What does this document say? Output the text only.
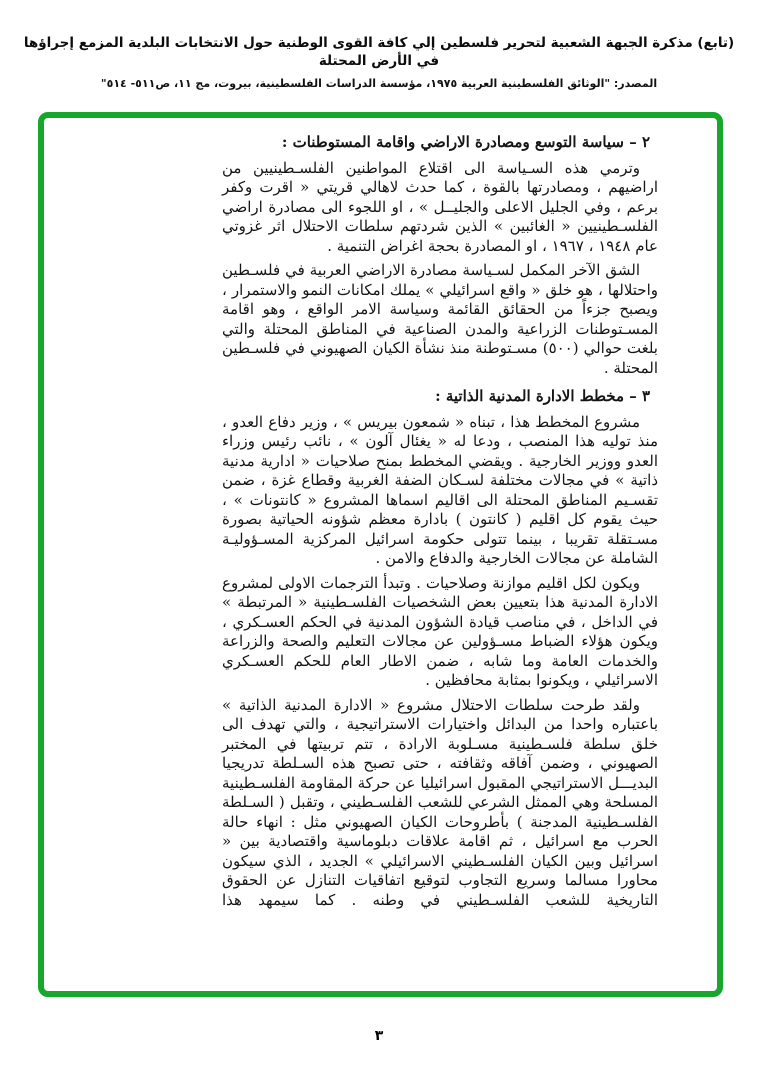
(تابع) مذكرة الجبهة الشعبية لتحرير فلسطين إلي كافة القوى الوطنية حول الانتخابات البلدية المزمع إجراؤها في الأرض المحتلة
المصدر: "الوثائق الفلسطينية العربية ١٩٧٥، مؤسسة الدراسات الفلسطينية، بيروت، مج ١١، ص٥١١- ٥١٤"

٢ – سياسة التوسع ومصادرة الاراضي واقامة المستوطنات :

وترمي هذه السـياسة الى اقتلاع المواطنين الفلسـطينيين من اراضيهم ، ومصادرتها بالقوة ، كما حدث لاهالي قريتي « اقرت وكفر برعم ، وفي الجليل الاعلى والجليــل » ، او اللجوء الى مصادرة اراضي الفلسـطينيين « الغائبين » الذين شردتهم سلطات الاحتلال اثر غزوتي عام ١٩٤٨ ، ١٩٦٧ ، او المصادرة بحجة اغراض التنمية .

الشق الآخر المكمل لسـياسة مصادرة الاراضي العربية في فلسـطين واحتلالها ، هو خلق « واقع اسرائيلي » يملك امكانات النمو والاستمرار ، ويصبح جزءاً من الحقائق القائمة وسياسة الامر الواقع ، وهو اقامة المسـتوطنات الزراعية والمدن الصناعية في المناطق المحتلة والتي بلغت حوالي (٥٠٠) مسـتوطنة منذ نشأة الكيان الصهيوني في فلسـطين المحتلة .

٣ – مخطط الادارة المدنية الذاتية :

مشروع المخطط هذا ، تبناه « شمعون بيريس » ، وزير دفاع العدو ، منذ توليه هذا المنصب ، ودعا له « يغئال آلون » ، نائب رئيس وزراء العدو ووزير الخارجية . ويقضي المخطط بمنح صلاحيات « ادارية مدنية ذاتية » في مجالات مختلفة لسـكان الضفة الغربية وقطاع غزة ، ضمن تقسـيم المناطق المحتلة الى اقاليم اسماها المشروع « كانتونات » ، حيث يقوم كل اقليم ( كانتون ) بادارة معظم شؤونه الحياتية بصورة مسـتقلة تقريبا ، بينما تتولى حكومة اسرائيل المركزية المسـؤوليـة الشاملة عن مجالات الخارجية والدفاع والامن .

ويكون لكل اقليم موازنة وصلاحيات . وتبدأ الترجمات الاولى لمشروع الادارة المدنية هذا بتعيين بعض الشخصيات الفلسـطينية « المرتبطة » في الداخل ، في مناصب قيادة الشؤون المدنية في الحكم العسـكري ، ويكون هؤلاء الضباط مسـؤولين عن مجالات التعليم والصحة والزراعة والخدمات العامة وما شابه ، ضمن الاطار العام للحكم العسـكري الاسرائيلي ، ويكونوا بمثابة محافظين .

ولقد طرحت سلطات الاحتلال مشروع « الادارة المدنية الذاتية » باعتباره واحدا من البدائل واختيارات الاستراتيجية ، والتي تهدف الى خلق سلطة فلسـطينية مسـلوبة الارادة ، تتم تربيتها في المختبر الصهيوني ، وضمن آفاقه وثقافته ، حتى تصبح هذه السـلطة تدريجيا البديـــل الاستراتيجي المقبول اسرائيليا عن حركة المقاومة الفلسـطينية المسلحة وهي الممثل الشرعي للشعب الفلسـطيني ، وتقبل ( السـلطة الفلسـطينية المدجنة ) بأطروحات الكيان الصهيوني مثل : انهاء حالة الحرب مع اسرائيل ، ثم اقامة علاقات دبلوماسية واقتصادية بين « اسرائيل وبين الكيان الفلسـطيني الاسرائيلي » الجديد ، الذي سيكون محاورا مسالما وسريع التجاوب لتوقيع اتفاقيات التنازل عن الحقوق التاريخية للشعب الفلسـطيني في وطنه . كما سيمهد هذا

٣
